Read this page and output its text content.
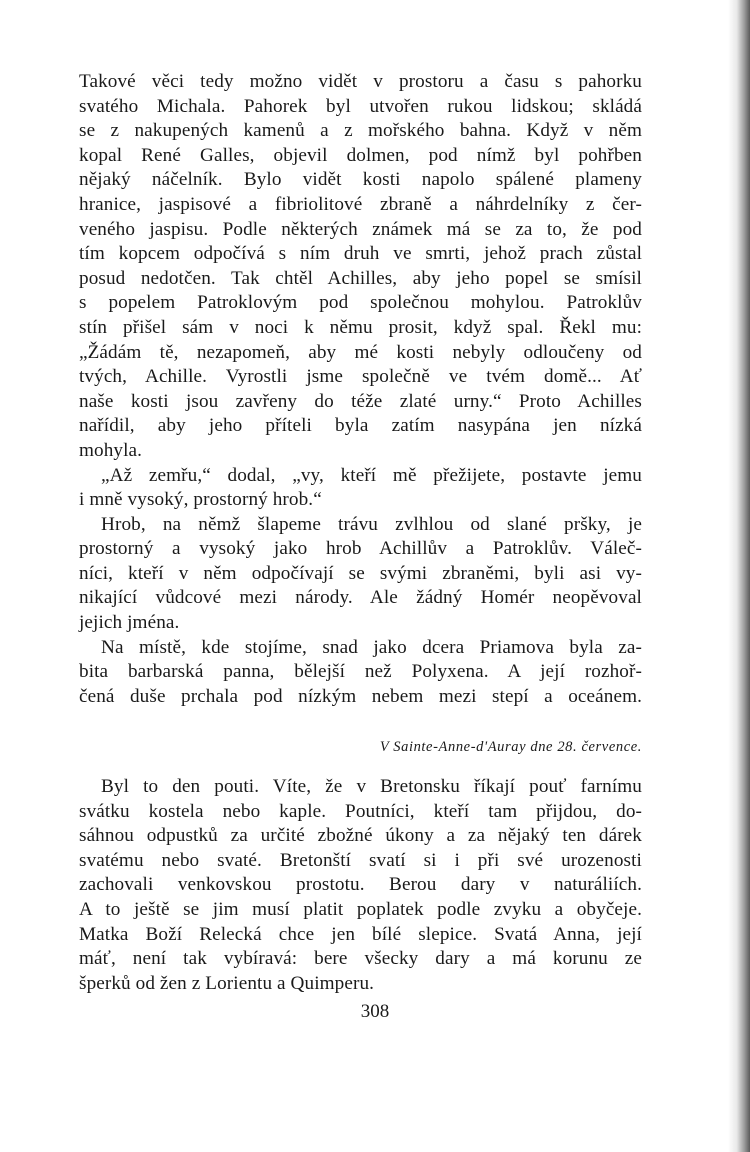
Takové věci tedy možno vidět v prostoru a času s pahorku
svatého Michala. Pahorek byl utvořen rukou lidskou; skládá
se z nakupených kamenů a z mořského bahna. Když v něm
kopal René Galles, objevil dolmen, pod nímž byl pohřben
nějaký náčelník. Bylo vidět kosti napolo spálené plameny
hranice, jaspisové a fibriolitové zbraně a náhrdelníky z čer-
veného jaspisu. Podle některých známek má se za to, že pod
tím kopcem odpočívá s ním druh ve smrti, jehož prach zůstal
posud nedotčen. Tak chtěl Achilles, aby jeho popel se smísil
s popelem Patroklovým pod společnou mohylou. Patroklův
stín přišel sám v noci k němu prosit, když spal. Řekl mu:
„Žádám tě, nezapomeň, aby mé kosti nebyly odloučeny od
tvých, Achille. Vyrostli jsme společně ve tvém domě... Ať
naše kosti jsou zavřeny do téže zlaté urny.“ Proto Achilles
nařídil, aby jeho příteli byla zatím nasypána jen nízká
mohyla.
„Až zemřu,“ dodal, „vy, kteří mě přežijete, postavte jemu
i mně vysoký, prostorný hrob.“
Hrob, na němž šlapeme trávu zvlhlou od slané pršky, je
prostorný a vysoký jako hrob Achillův a Patroklův. Váleč-
níci, kteří v něm odpočívají se svými zbraněmi, byli asi vy-
nikající vůdcové mezi národy. Ale žádný Homér neopěvoval
jejich jména.
Na místě, kde stojíme, snad jako dcera Priamova byla za-
bita barbarská panna, bělejší než Polyxena. A její rozhoř-
čená duše prchala pod nízkým nebem mezi stepí a oceánem.
V Sainte-Anne-d'Auray dne 28. července.
Byl to den pouti. Víte, že v Bretonsku říkají pouť farnímu
svátku kostela nebo kaple. Poutníci, kteří tam přijdou, do-
sáhnou odpustků za určité zbožné úkony a za nějaký ten dárek
svatému nebo svaté. Bretonští svatí si i při své urozenosti
zachovali venkovskou prostotu. Berou dary v naturáliích.
A to ještě se jim musí platit poplatek podle zvyku a obyčeje.
Matka Boží Relecká chce jen bílé slepice. Svatá Anna, její
máť, není tak vybíravá: bere všecky dary a má korunu ze
šperků od žen z Lorientu a Quimperu.
308
